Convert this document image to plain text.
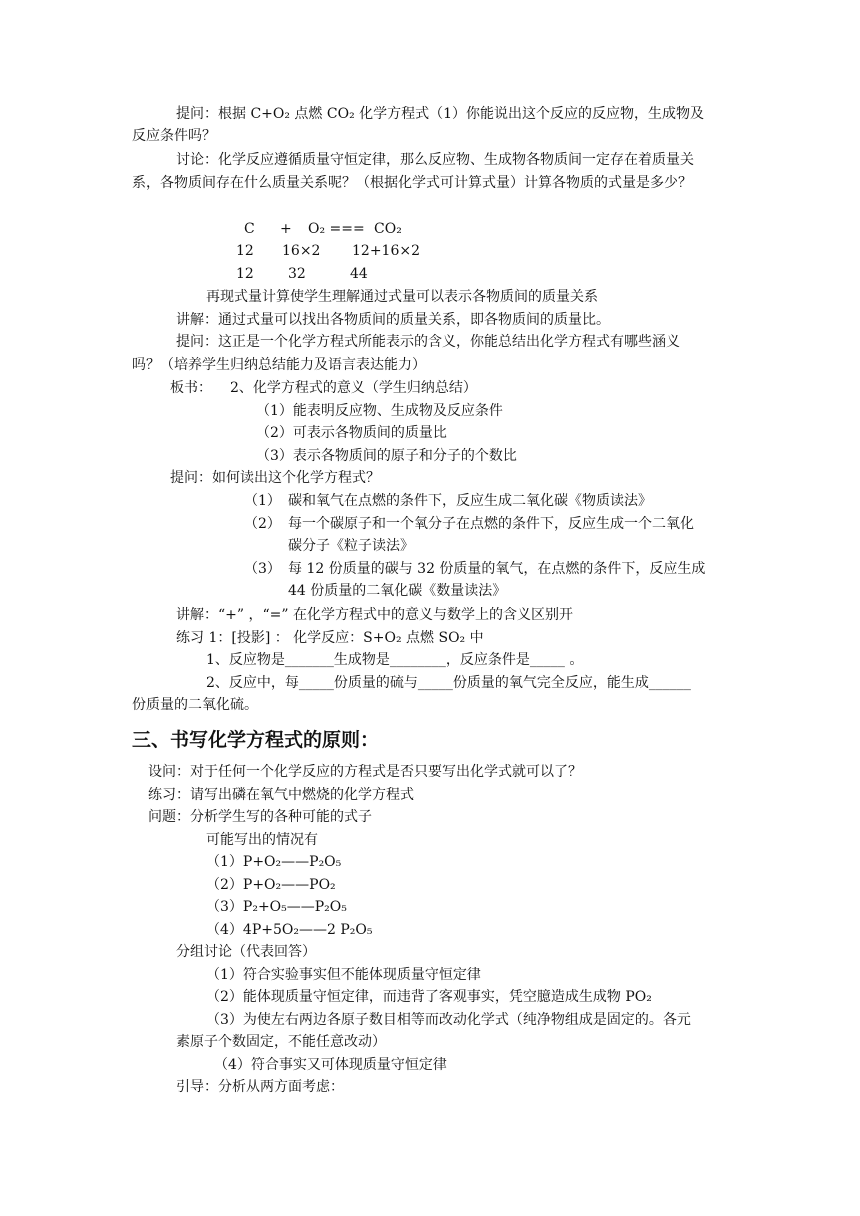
提问：根据 C+O₂ 点燃 CO₂ 化学方程式（1）你能说出这个反应的反应物，生成物及
反应条件吗？
讨论：化学反应遵循质量守恒定律，那么反应物、生成物各物质间一定存在着质量关
系，各物质间存在什么质量关系呢？（根据化学式可计算式量）计算各物质的式量是多少？
C + O₂ === CO₂
12 16×2 12+16×2
12 32	44
再现式量计算使学生理解通过式量可以表示各物质间的质量关系
讲解：通过式量可以找出各物质间的质量关系，即各物质间的质量比。
提问：这正是一个化学方程式所能表示的含义，你能总结出化学方程式有哪些涵义
吗？（培养学生归纳总结能力及语言表达能力）
板书： 2、化学方程式的意义（学生归纳总结）
（1）能表明反应物、生成物及反应条件
（2）可表示各物质间的质量比
（3）表示各物质间的原子和分子的个数比
提问：如何读出这个化学方程式？
（1） 碳和氧气在点燃的条件下，反应生成二氧化碳《物质读法》
（2） 每一个碳原子和一个氧分子在点燃的条件下，反应生成一个二氧化
碳分子《粒子读法》
（3） 每 12 份质量的碳与 32 份质量的氧气，在点燃的条件下，反应生成
44 份质量的二氧化碳《数量读法》
讲解：“+” ，“=” 在化学方程式中的意义与数学上的含义区别开
练习 1：[投影] ： 化学反应：S+O₂ 点燃 SO₂ 中
1、反应物是_______生成物是________，反应条件是_____ 。
2、反应中，每_____份质量的硫与_____份质量的氧气完全反应，能生成______
份质量的二氧化硫。
三、书写化学方程式的原则：
设问：对于任何一个化学反应的方程式是否只要写出化学式就可以了？
练习：请写出磷在氧气中燃烧的化学方程式
问题：分析学生写的各种可能的式子
可能写出的情况有
（1）P+O₂——P₂O₅
（2）P+O₂——PO₂
（3）P₂+O₅——P₂O₅
（4）4P+5O₂——2 P₂O₅
分组讨论（代表回答）
（1）符合实验事实但不能体现质量守恒定律
（2）能体现质量守恒定律，而违背了客观事实，凭空臆造成生成物 PO₂
（3）为使左右两边各原子数目相等而改动化学式（纯净物组成是固定的。各元
素原子个数固定，不能任意改动）
（4）符合事实又可体现质量守恒定律
引导：分析从两方面考虑：
